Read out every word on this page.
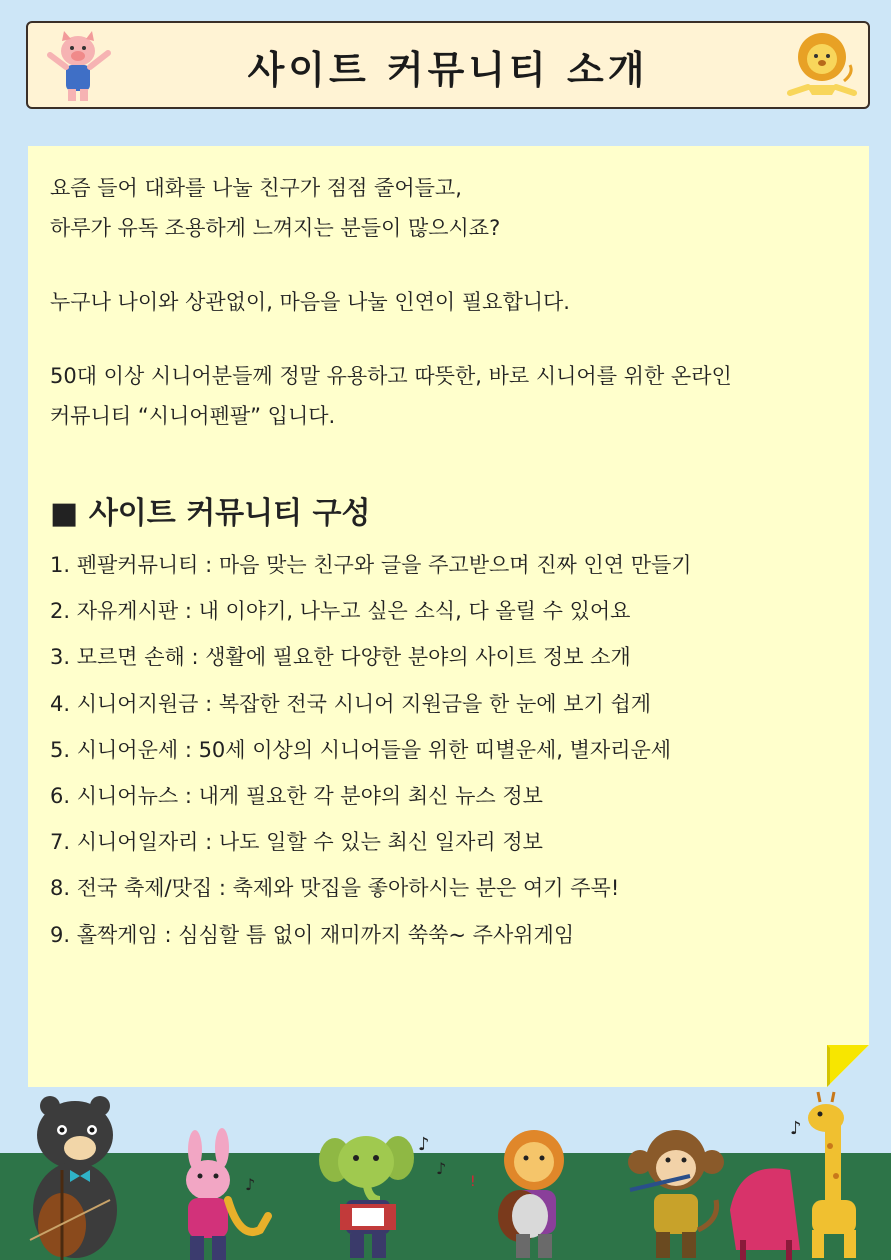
사이트 커뮤니티 소개

요즘 들어 대화를 나눌 친구가 점점 줄어들고,

하루가 유독 조용하게 느껴지는 분들이 많으시죠?

누구나 나이와 상관없이, 마음을 나눌 인연이 필요합니다.

50대 이상 시니어분들께 정말 유용하고 따뜻한, 바로 시니어를 위한 온라인

커뮤니티 “시니어펜팔” 입니다.

■ 사이트 커뮤니티 구성
1. 펜팔커뮤니티 : 마음 맞는 친구와 글을 주고받으며 진짜 인연 만들기
2. 자유게시판 : 내 이야기, 나누고 싶은 소식, 다 올릴 수 있어요
3. 모르면 손해 : 생활에 필요한 다양한 분야의 사이트 정보 소개
4. 시니어지원금 : 복잡한 전국 시니어 지원금을 한 눈에 보기 쉽게
5. 시니어운세 : 50세 이상의 시니어들을 위한 띠별운세, 별자리운세
6. 시니어뉴스 : 내게 필요한 각 분야의 최신 뉴스 정보
7. 시니어일자리 : 나도 일할 수 있는 최신 일자리 정보
8. 전국 축제/맛집 : 축제와 맛집을 좋아하시는 분은 여기 주목!
9. 홀짝게임 : 심심할 틈 없이 재미까지 쑥쑥~ 주사위게임
♪
♪
♪
!
♪
